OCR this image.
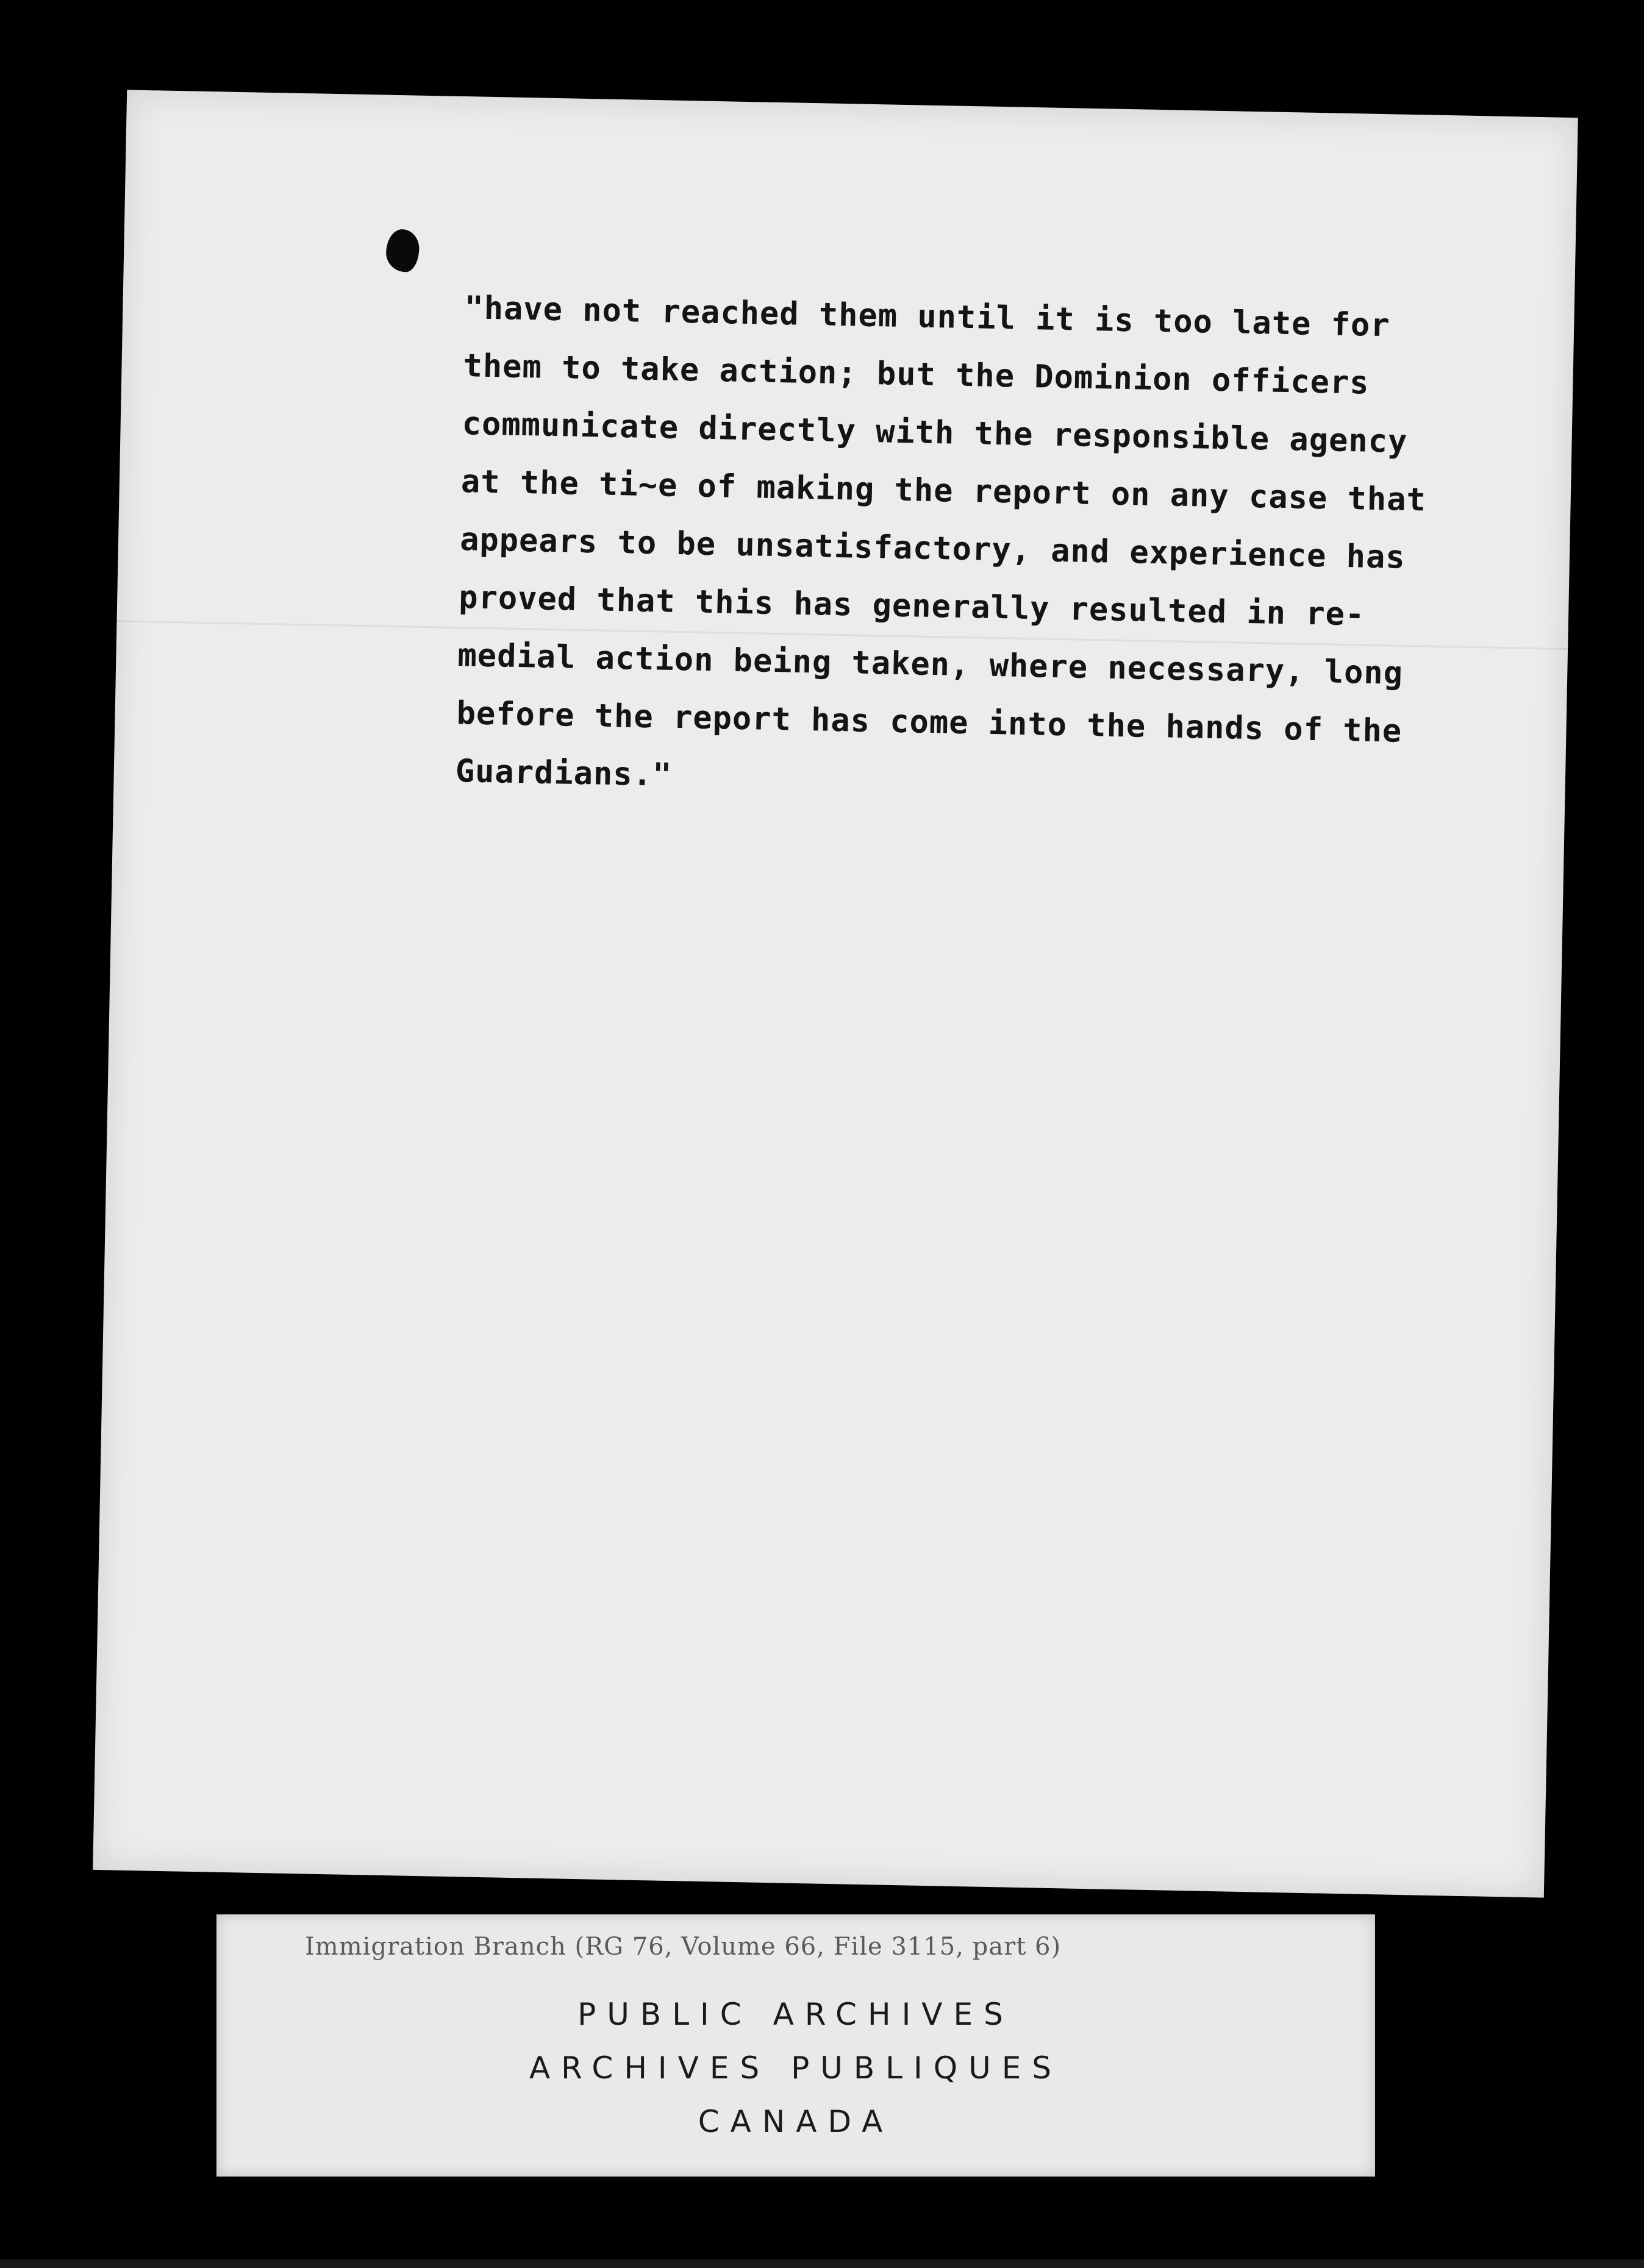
"have not reached them until it is too late for
them to take action; but the Dominion officers
communicate directly with the responsible agency
at the ti~e of making the report on any case that
appears to be unsatisfactory, and experience has
proved that this has generally resulted in re-
medial action being taken, where necessary, long
before the report has come into the hands of the
Guardians."

Immigration Branch (RG 76, Volume 66, File 3115, part 6)

PUBLIC ARCHIVES
ARCHIVES PUBLIQUES
CANADA
